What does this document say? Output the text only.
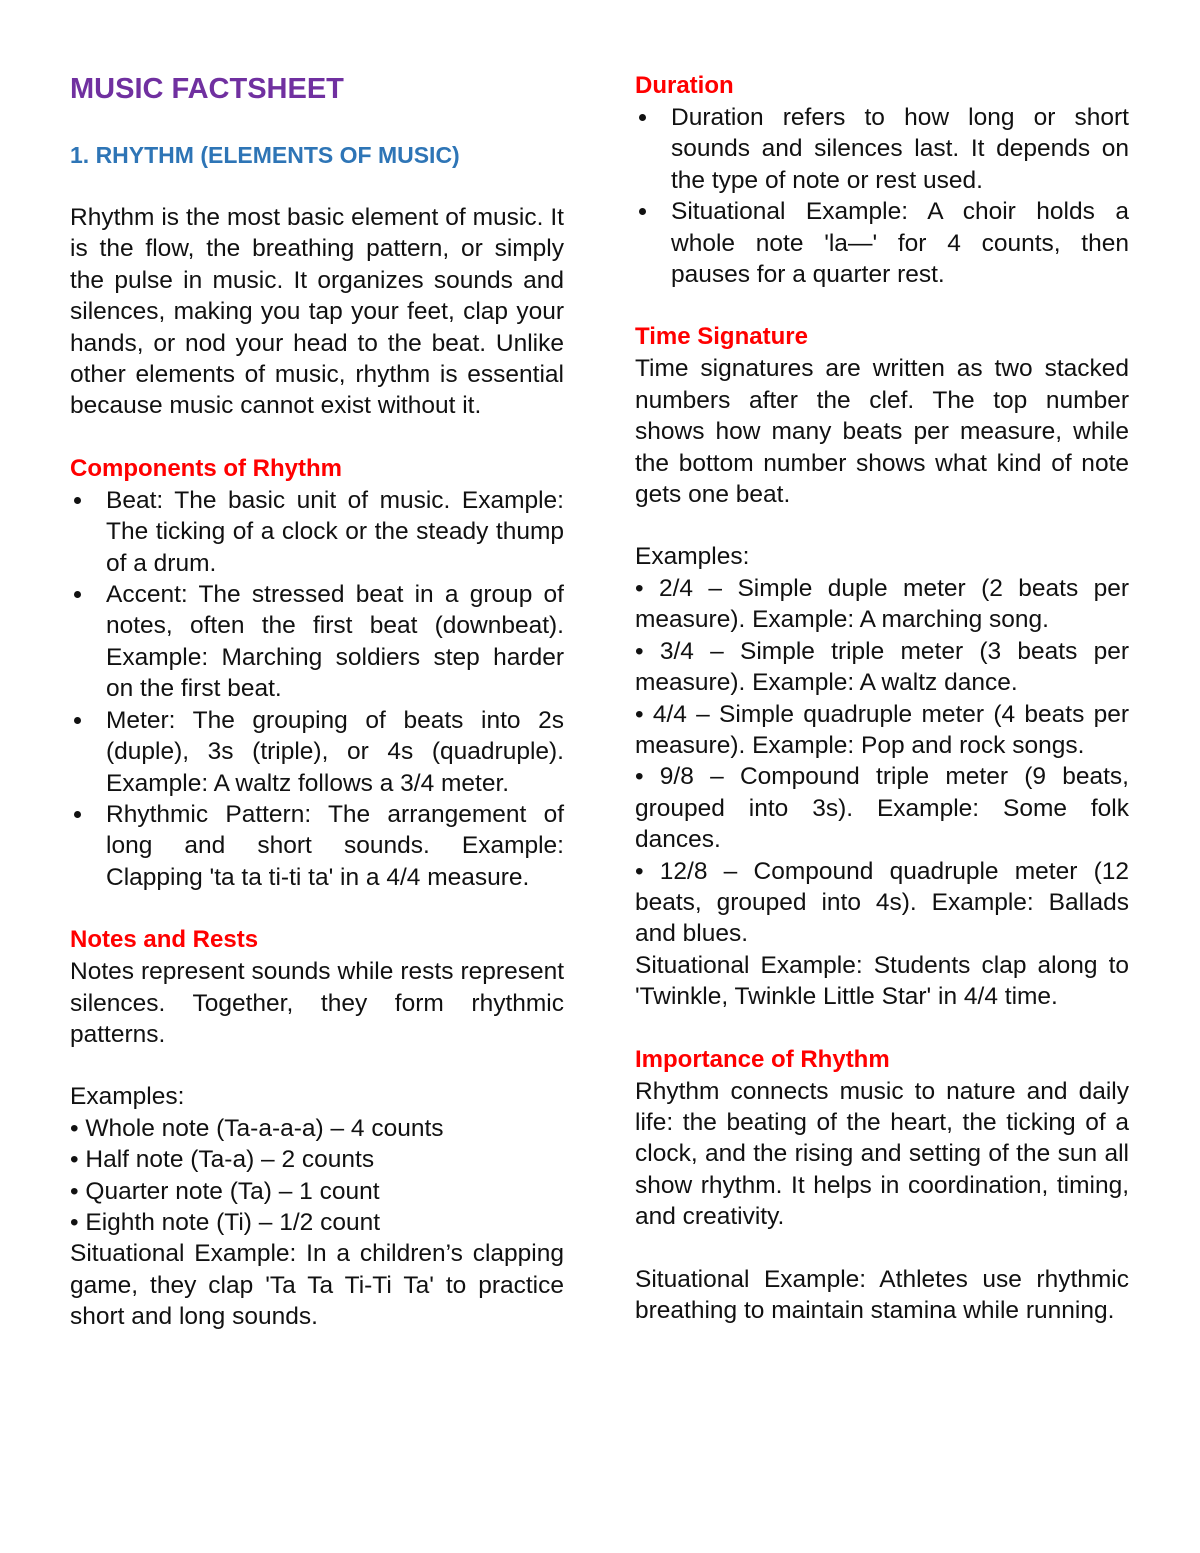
MUSIC FACTSHEET
1. RHYTHM (ELEMENTS OF MUSIC)

Rhythm is the most basic element of music. It is the flow, the breathing pattern, or simply the pulse in music. It organizes sounds and silences, making you tap your feet, clap your hands, or nod your head to the beat. Unlike other elements of music, rhythm is essential because music cannot exist without it.

Components of Rhythm
Beat: The basic unit of music. Example: The ticking of a clock or the steady thump of a drum.
Accent: The stressed beat in a group of notes, often the first beat (downbeat). Example: Marching soldiers step harder on the first beat.
Meter: The grouping of beats into 2s (duple), 3s (triple), or 4s (quadruple). Example: A waltz follows a 3/4 meter.
Rhythmic Pattern: The arrangement of long and short sounds. Example: Clapping 'ta ta ti-ti ta' in a 4/4 measure.
Notes and Rests

Notes represent sounds while rests represent silences. Together, they form rhythmic patterns.

Examples:

• Whole note (Ta-a-a-a) – 4 counts

• Half note (Ta-a) – 2 counts

• Quarter note (Ta) – 1 count

• Eighth note (Ti) – 1/2 count

Situational Example: In a children’s clapping game, they clap 'Ta Ta Ti-Ti Ta' to practice short and long sounds.

Duration
Duration refers to how long or short sounds and silences last. It depends on the type of note or rest used.
Situational Example: A choir holds a whole note 'la—' for 4 counts, then pauses for a quarter rest.
Time Signature

Time signatures are written as two stacked numbers after the clef. The top number shows how many beats per measure, while the bottom number shows what kind of note gets one beat.

Examples:

• 2/4 – Simple duple meter (2 beats per measure). Example: A marching song.

• 3/4 – Simple triple meter (3 beats per measure). Example: A waltz dance.

• 4/4 – Simple quadruple meter (4 beats per measure). Example: Pop and rock songs.

• 9/8 – Compound triple meter (9 beats, grouped into 3s). Example: Some folk dances.

• 12/8 – Compound quadruple meter (12 beats, grouped into 4s). Example: Ballads and blues.

Situational Example: Students clap along to 'Twinkle, Twinkle Little Star' in 4/4 time.

Importance of Rhythm

Rhythm connects music to nature and daily life: the beating of the heart, the ticking of a clock, and the rising and setting of the sun all show rhythm. It helps in coordination, timing, and creativity.

Situational Example: Athletes use rhythmic breathing to maintain stamina while running.
